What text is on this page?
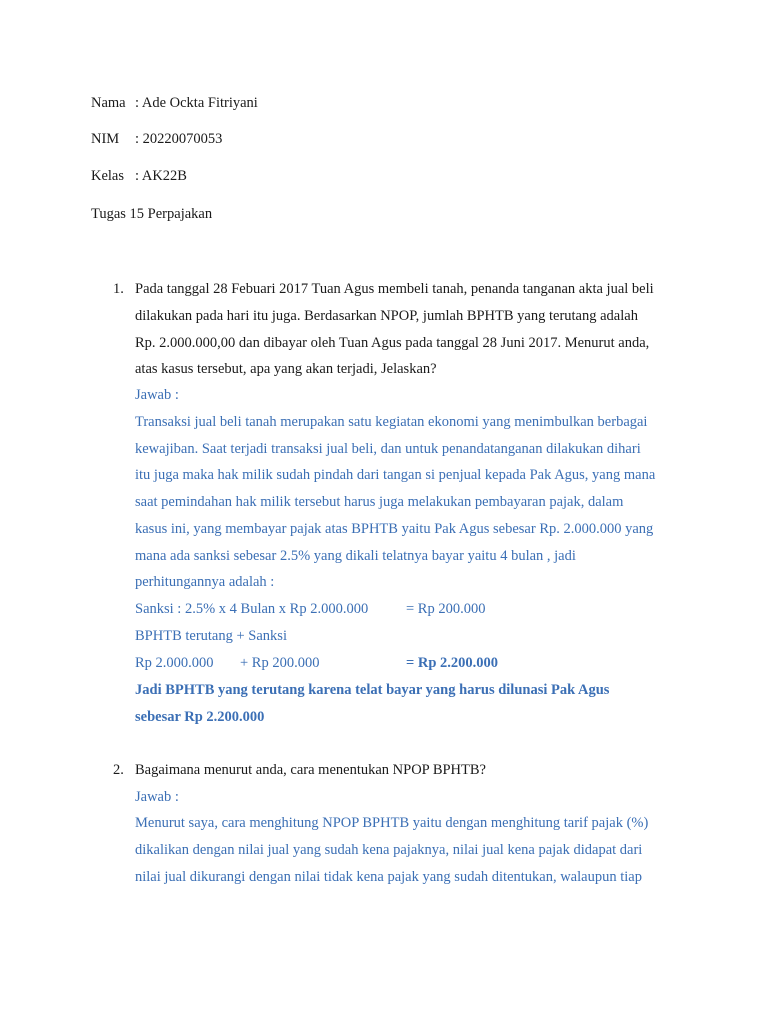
Nama : Ade Ockta Fitriyani
NIM : 20220070053
Kelas : AK22B
Tugas 15 Perpajakan
1. Pada tanggal 28 Febuari 2017 Tuan Agus membeli tanah, penanda tanganan akta jual beli
dilakukan pada hari itu juga. Berdasarkan NPOP, jumlah BPHTB yang terutang adalah
Rp. 2.000.000,00 dan dibayar oleh Tuan Agus pada tanggal 28 Juni 2017. Menurut anda,
atas kasus tersebut, apa yang akan terjadi, Jelaskan?
Jawab :
Transaksi jual beli tanah merupakan satu kegiatan ekonomi yang menimbulkan berbagai
kewajiban. Saat terjadi transaksi jual beli, dan untuk penandatanganan dilakukan dihari
itu juga maka hak milik sudah pindah dari tangan si penjual kepada Pak Agus, yang mana
saat pemindahan hak milik tersebut harus juga melakukan pembayaran pajak, dalam
kasus ini, yang membayar pajak atas BPHTB yaitu Pak Agus sebesar Rp. 2.000.000 yang
mana ada sanksi sebesar 2.5% yang dikali telatnya bayar yaitu 4 bulan , jadi
perhitungannya adalah :
Sanksi : 2.5% x 4 Bulan x Rp 2.000.000	= Rp 200.000
BPHTB terutang + Sanksi
Rp 2.000.000 + Rp 200.000	= Rp 2.200.000
Jadi BPHTB yang terutang karena telat bayar yang harus dilunasi Pak Agus
sebesar Rp 2.200.000
2. Bagaimana menurut anda, cara menentukan NPOP BPHTB?
Jawab :
Menurut saya, cara menghitung NPOP BPHTB yaitu dengan menghitung tarif pajak (%)
dikalikan dengan nilai jual yang sudah kena pajaknya, nilai jual kena pajak didapat dari
nilai jual dikurangi dengan nilai tidak kena pajak yang sudah ditentukan, walaupun tiap
